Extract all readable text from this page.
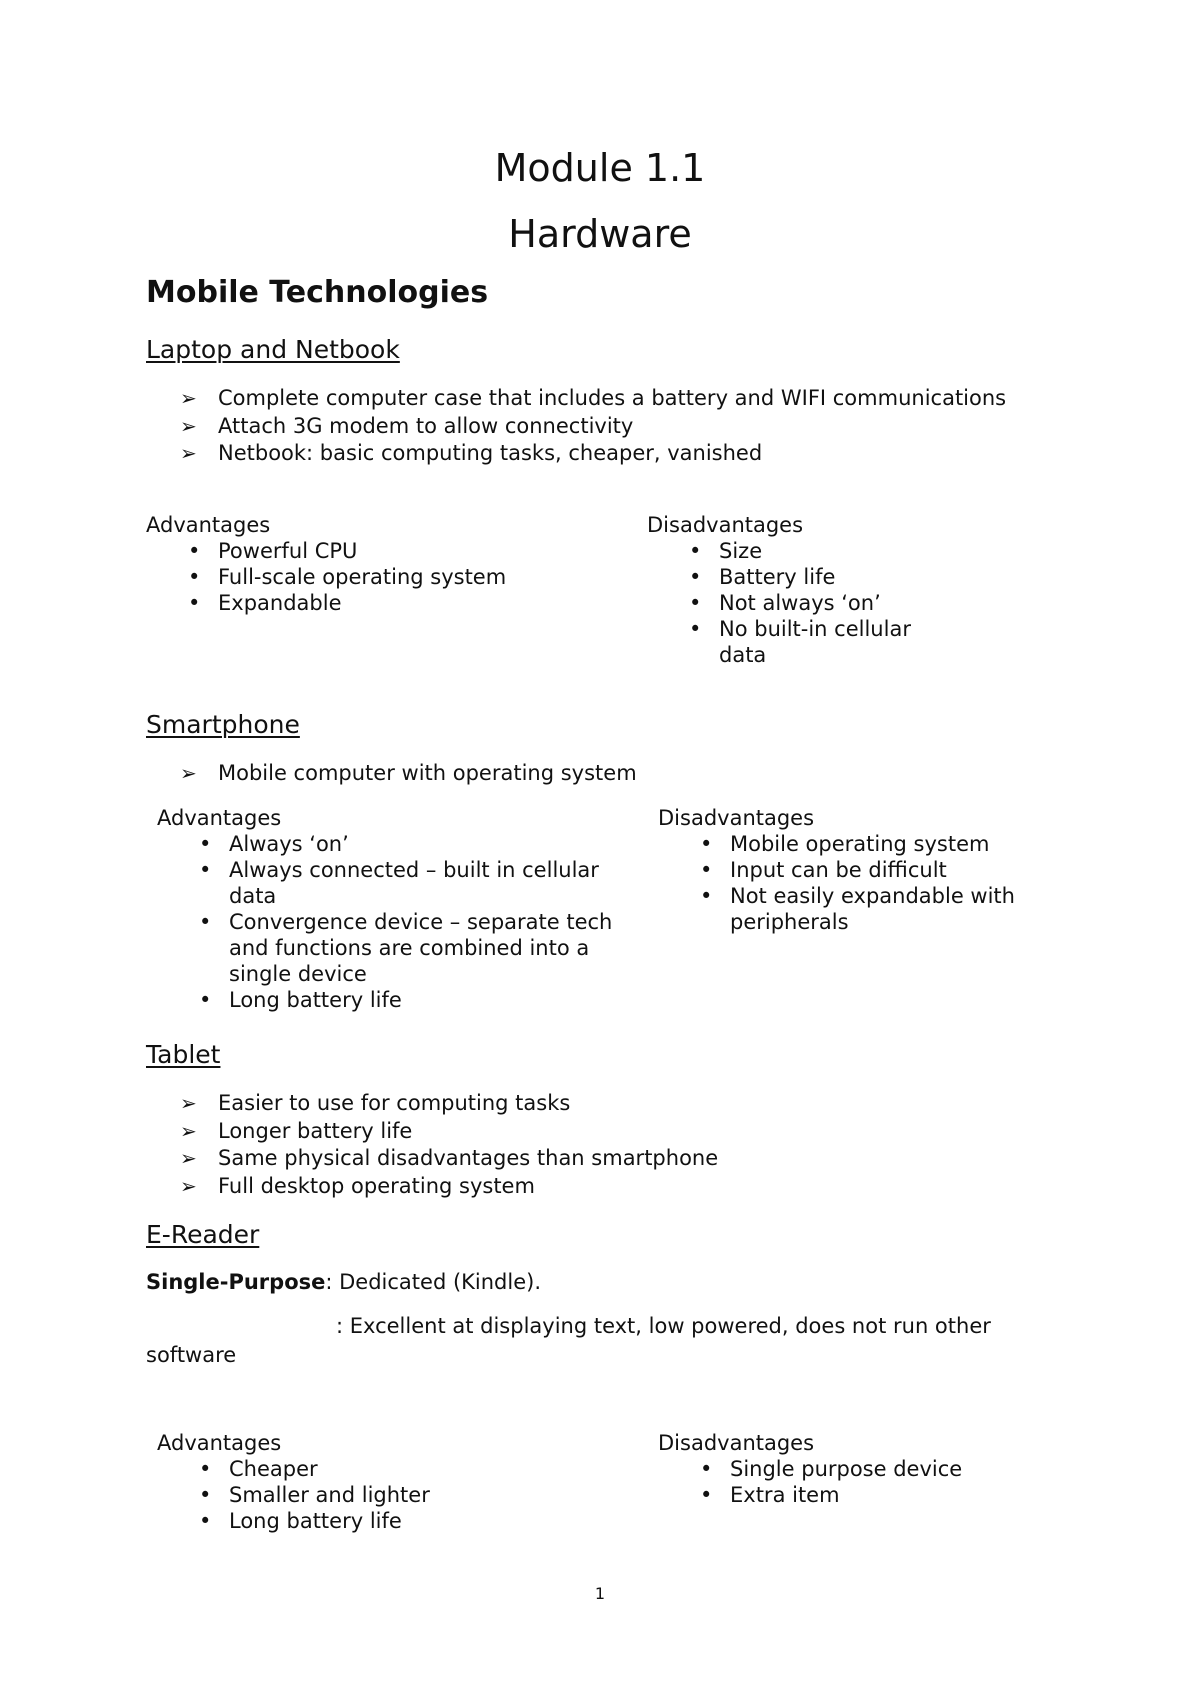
Module 1.1
Hardware
Mobile Technologies
Laptop and Netbook
➢ Complete computer case that includes a battery and WIFI communications
➢ Attach 3G modem to allow connectivity
➢ Netbook: basic computing tasks, cheaper, vanished

Advantages

• Powerful CPU
• Full-scale operating system
• Expandable

Disadvantages

• Size
• Battery life
• Not always ‘on’
• No built-in cellular data
Smartphone
➢ Mobile computer with operating system

Advantages

• Always ‘on’
• Always connected – built in cellular data
• Convergence device – separate tech and functions are combined into a single device
• Long battery life

Disadvantages

• Mobile operating system
• Input can be difficult
• Not easily expandable with peripherals
Tablet
➢ Easier to use for computing tasks
➢ Longer battery life
➢ Same physical disadvantages than smartphone
➢ Full desktop operating system
E-Reader

Single-Purpose: Dedicated (Kindle).

: Excellent at displaying text, low powered, does not run other

software

Advantages

• Cheaper
• Smaller and lighter
• Long battery life

Disadvantages

• Single purpose device
• Extra item
1
